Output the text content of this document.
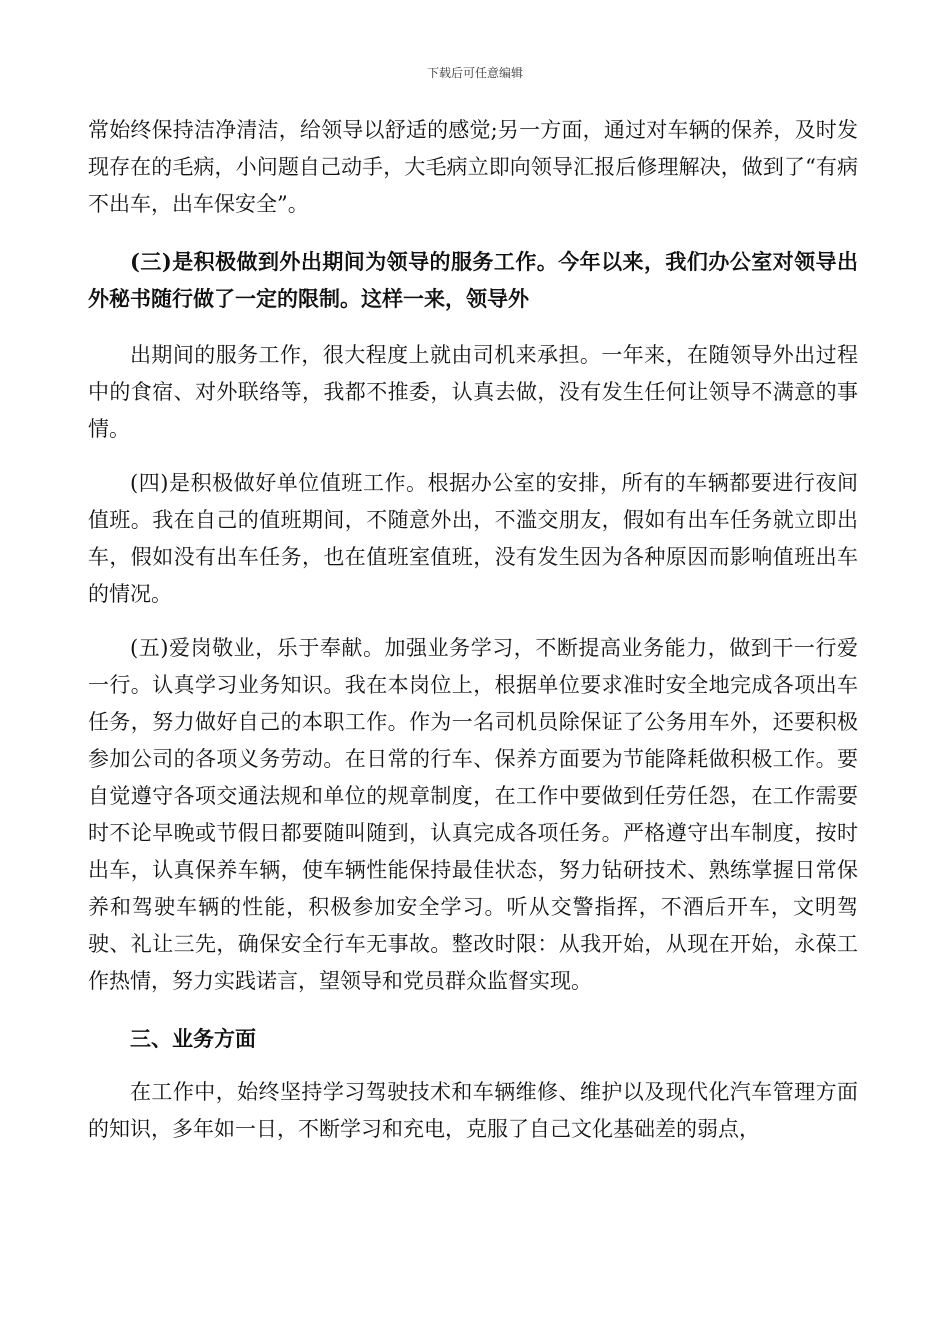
下载后可任意编辑

常始终保持洁净清洁，给领导以舒适的感觉;另一方面，通过对车辆的保养，及时发现存在的毛病，小问题自己动手，大毛病立即向领导汇报后修理解决，做到了“有病不出车，出车保安全”。

(三)是积极做到外出期间为领导的服务工作。今年以来，我们办公室对领导出外秘书随行做了一定的限制。这样一来，领导外

出期间的服务工作，很大程度上就由司机来承担。一年来，在随领导外出过程中的食宿、对外联络等，我都不推委，认真去做，没有发生任何让领导不满意的事情。

(四)是积极做好单位值班工作。根据办公室的安排，所有的车辆都要进行夜间值班。我在自己的值班期间，不随意外出，不滥交朋友，假如有出车任务就立即出车，假如没有出车任务，也在值班室值班，没有发生因为各种原因而影响值班出车的情况。

(五)爱岗敬业，乐于奉献。加强业务学习，不断提高业务能力，做到干一行爱一行。认真学习业务知识。我在本岗位上，根据单位要求准时安全地完成各项出车任务，努力做好自己的本职工作。作为一名司机员除保证了公务用车外，还要积极参加公司的各项义务劳动。在日常的行车、保养方面要为节能降耗做积极工作。要自觉遵守各项交通法规和单位的规章制度，在工作中要做到任劳任怨，在工作需要时不论早晚或节假日都要随叫随到，认真完成各项任务。严格遵守出车制度，按时出车，认真保养车辆，使车辆性能保持最佳状态，努力钻研技术、熟练掌握日常保养和驾驶车辆的性能，积极参加安全学习。听从交警指挥，不酒后开车，文明驾驶、礼让三先，确保安全行车无事故。整改时限：从我开始，从现在开始，永葆工作热情，努力实践诺言，望领导和党员群众监督实现。

三、业务方面

在工作中，始终坚持学习驾驶技术和车辆维修、维护以及现代化汽车管理方面的知识，多年如一日，不断学习和充电，克服了自己文化基础差的弱点，
